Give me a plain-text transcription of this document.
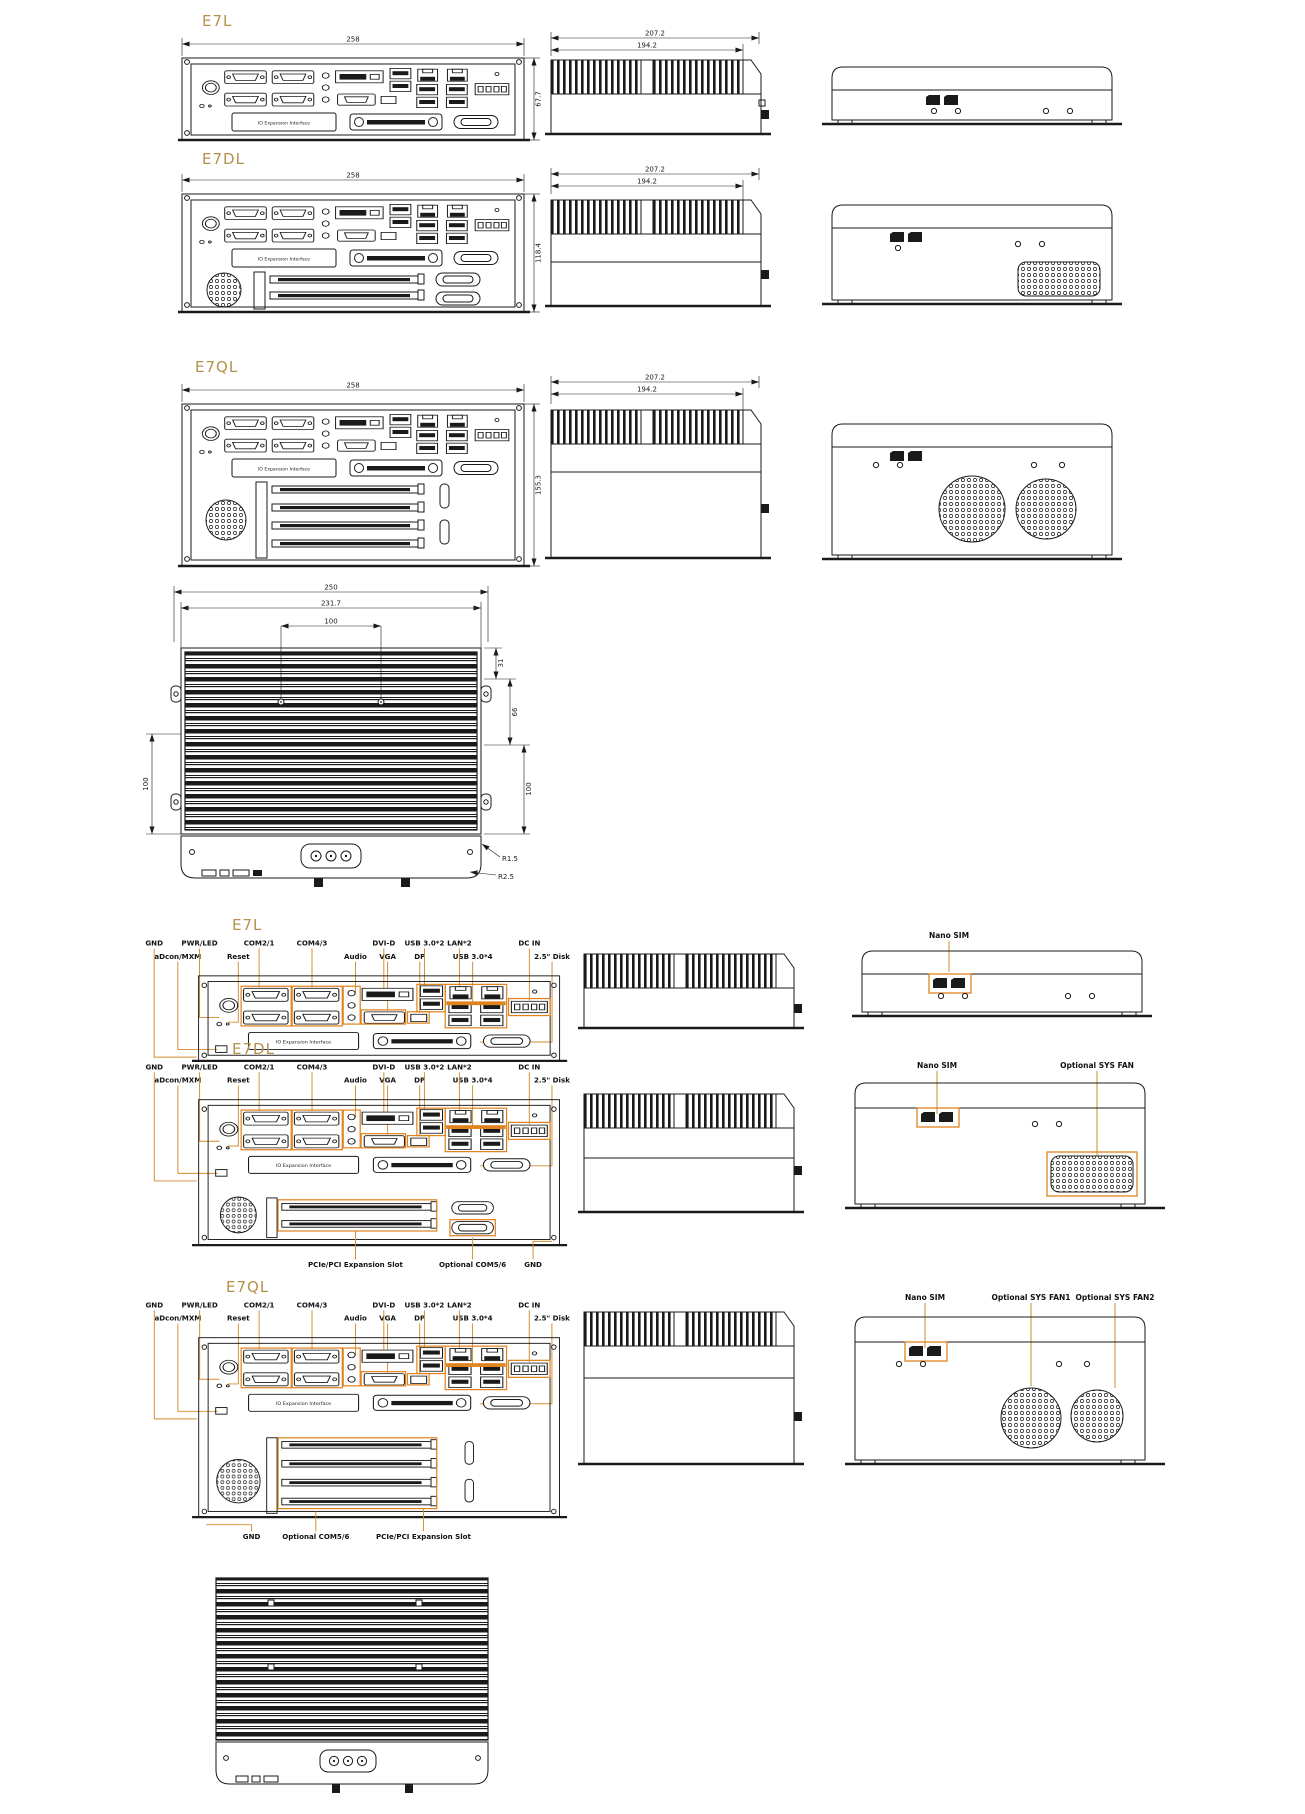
E7L
258
67.7
207.2
194.2
E7DL
258
118.4
207.2
194.2
E7QL
258
155.3
207.2
194.2
250
231.7
100
100
31
66
100
R1.5
R2.5
E7L
GND PWR/LED	COM2/1	COM4/3	DVI-D USB 3.0*2 LAN*2	DC IN
aDcon/MXM	Reset	Audio VGA DP	USB 3.0*4	2.5" Disk
Nano SIM
E7DL
GND PWR/LED	COM2/1	COM4/3	DVI-D USB 3.0*2 LAN*2	DC IN
aDcon/MXM	Reset	Audio VGA DP	USB 3.0*4	2.5" Disk
PCIe/PCI Expansion Slot	Optional COM5/6 GND
Nano SIM	Optional SYS FAN
E7QL
GND PWR/LED	COM2/1	COM4/3	DVI-D USB 3.0*2 LAN*2	DC IN
aDcon/MXM	Reset	Audio VGA DP	USB 3.0*4	2.5" Disk
GND	Optional COM5/6	PCIe/PCI Expansion Slot
Nano SIM	Optional SYS FAN1 Optional SYS FAN2
